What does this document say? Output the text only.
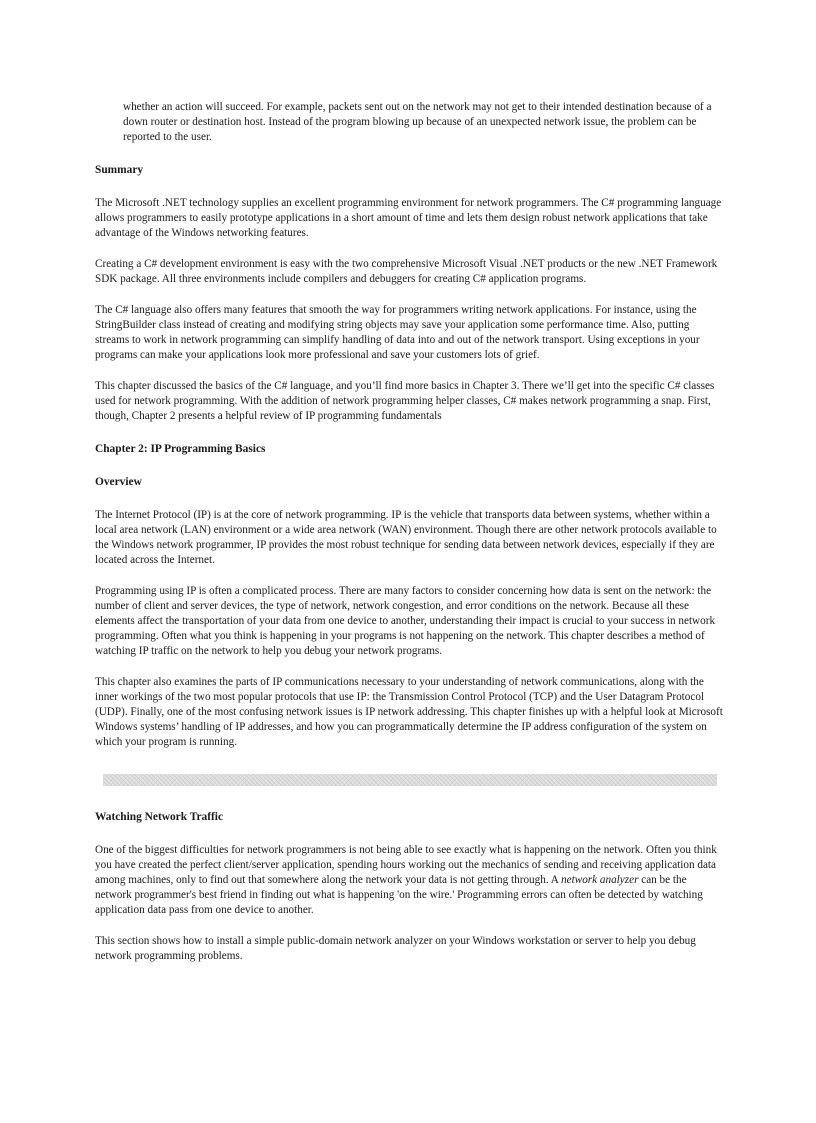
whether an action will succeed. For example, packets sent out on the network may not get to their intended destination because of a down router or destination host. Instead of the program blowing up because of an unexpected network issue, the problem can be reported to the user.

Summary

The Microsoft .NET technology supplies an excellent programming environment for network programmers. The C# programming language allows programmers to easily prototype applications in a short amount of time and lets them design robust network applications that take advantage of the Windows networking features.

Creating a C# development environment is easy with the two comprehensive Microsoft Visual .NET products or the new .NET Framework SDK package. All three environments include compilers and debuggers for creating C# application programs.

The C# language also offers many features that smooth the way for programmers writing network applications. For instance, using the StringBuilder class instead of creating and modifying string objects may save your application some performance time. Also, putting streams to work in network programming can simplify handling of data into and out of the network transport. Using exceptions in your programs can make your applications look more professional and save your customers lots of grief.

This chapter discussed the basics of the C# language, and you’ll find more basics in Chapter 3. There we’ll get into the specific C# classes used for network programming. With the addition of network programming helper classes, C# makes network programming a snap. First, though, Chapter 2 presents a helpful review of IP programming fundamentals

Chapter 2: IP Programming Basics

Overview

The Internet Protocol (IP) is at the core of network programming. IP is the vehicle that transports data between systems, whether within a local area network (LAN) environment or a wide area network (WAN) environment. Though there are other network protocols available to the Windows network programmer, IP provides the most robust technique for sending data between network devices, especially if they are located across the Internet.

Programming using IP is often a complicated process. There are many factors to consider concerning how data is sent on the network: the number of client and server devices, the type of network, network congestion, and error conditions on the network. Because all these elements affect the transportation of your data from one device to another, understanding their impact is crucial to your success in network programming. Often what you think is happening in your programs is not happening on the network. This chapter describes a method of watching IP traffic on the network to help you debug your network programs.

This chapter also examines the parts of IP communications necessary to your understanding of network communications, along with the inner workings of the two most popular protocols that use IP: the Transmission Control Protocol (TCP) and the User Datagram Protocol (UDP). Finally, one of the most confusing network issues is IP network addressing. This chapter finishes up with a helpful look at Microsoft Windows systems’ handling of IP addresses, and how you can programmatically determine the IP address configuration of the system on which your program is running.

Watching Network Traffic

One of the biggest difficulties for network programmers is not being able to see exactly what is happening on the network. Often you think you have created the perfect client/server application, spending hours working out the mechanics of sending and receiving application data among machines, only to find out that somewhere along the network your data is not getting through. A network analyzer can be the network programmer's best friend in finding out what is happening 'on the wire.' Programming errors can often be detected by watching application data pass from one device to another.

This section shows how to install a simple public-domain network analyzer on your Windows workstation or server to help you debug network programming problems.
